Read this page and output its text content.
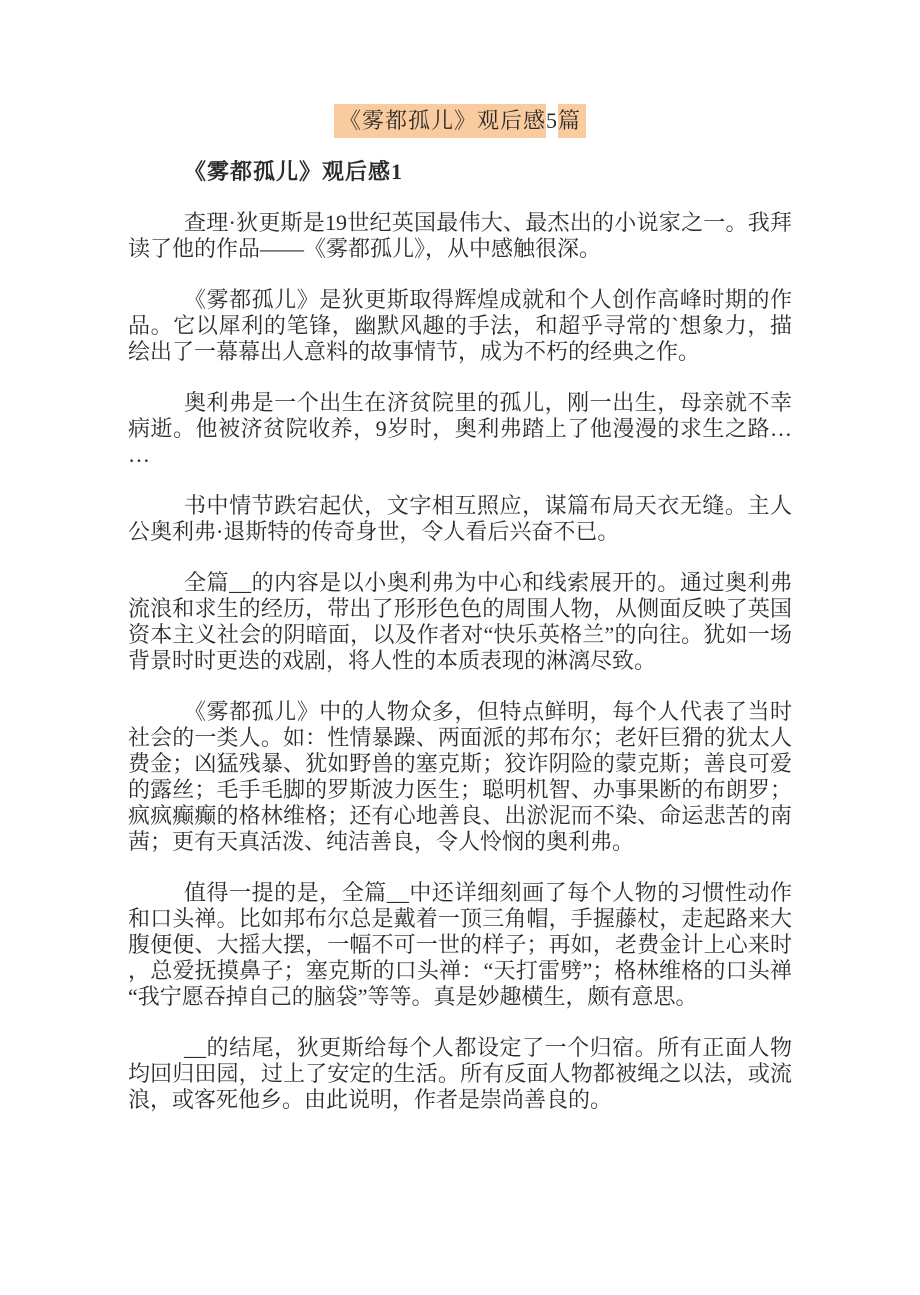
《雾都孤儿》观后感5篇
《雾都孤儿》观后感1

查理·狄更斯是19世纪英国最伟大、最杰出的小说家之一。我拜读了他的作品——《雾都孤儿》，从中感触很深。

《雾都孤儿》是狄更斯取得辉煌成就和个人创作高峰时期的作品。它以犀利的笔锋，幽默风趣的手法，和超乎寻常的`想象力，描绘出了一幕幕出人意料的故事情节，成为不朽的经典之作。

奥利弗是一个出生在济贫院里的孤儿，刚一出生，母亲就不幸病逝。他被济贫院收养，9岁时，奥利弗踏上了他漫漫的求生之路……

书中情节跌宕起伏，文字相互照应，谋篇布局天衣无缝。主人公奥利弗·退斯特的传奇身世，令人看后兴奋不已。

全篇__的内容是以小奥利弗为中心和线索展开的。通过奥利弗流浪和求生的经历，带出了形形色色的周围人物，从侧面反映了英国资本主义社会的阴暗面，以及作者对“快乐英格兰”的向往。犹如一场背景时时更迭的戏剧，将人性的本质表现的淋漓尽致。

《雾都孤儿》中的人物众多，但特点鲜明，每个人代表了当时社会的一类人。如：性情暴躁、两面派的邦布尔；老奸巨猾的犹太人费金；凶猛残暴、犹如野兽的塞克斯；狡诈阴险的蒙克斯；善良可爱的露丝；毛手毛脚的罗斯波力医生；聪明机智、办事果断的布朗罗；疯疯癫癫的格林维格；还有心地善良、出淤泥而不染、命运悲苦的南茜；更有天真活泼、纯洁善良，令人怜悯的奥利弗。

值得一提的是，全篇__中还详细刻画了每个人物的习惯性动作和口头禅。比如邦布尔总是戴着一顶三角帽，手握藤杖，走起路来大腹便便、大摇大摆，一幅不可一世的样子；再如，老费金计上心来时，总爱抚摸鼻子；塞克斯的口头禅：“天打雷劈”；格林维格的口头禅“我宁愿吞掉自己的脑袋”等等。真是妙趣横生，颇有意思。

__的结尾，狄更斯给每个人都设定了一个归宿。所有正面人物均回归田园，过上了安定的生活。所有反面人物都被绳之以法，或流浪，或客死他乡。由此说明，作者是崇尚善良的。
